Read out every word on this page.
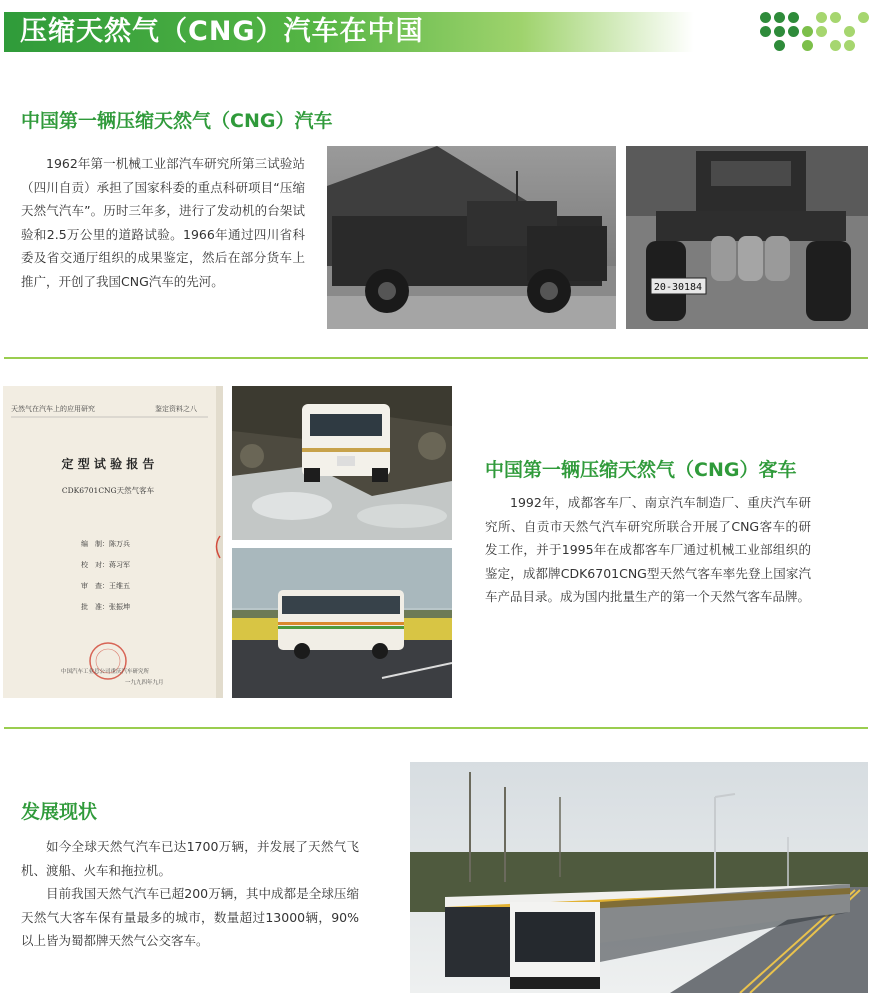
压缩天然气（CNG）汽车在中国
中国第一辆压缩天然气（CNG）汽车

1962年第一机械工业部汽车研究所第三试验站（四川自贡）承担了国家科委的重点科研项目“压缩天然气汽车”。历时三年多，进行了发动机的台架试验和2.5万公里的道路试验。1966年通过四川省科委及省交通厅组织的成果鉴定，然后在部分货车上推广，开创了我国CNG汽车的先河。	20-30184
天然气在汽车上的应用研究	鉴定资料之八
定 型 试 验 报 告
CDK6701CNG天然气客车
编　制：陈万兵
校　对：蒋习军
审　查：王维五
批　准：张振坤
中国汽车工业总公司重庆汽车研究所
一九九四年九月
中国第一辆压缩天然气（CNG）客车

1992年，成都客车厂、南京汽车制造厂、重庆汽车研究所、自贡市天然气汽车研究所联合开展了CNG客车的研发工作，并于1995年在成都客车厂通过机械工业部组织的鉴定，成都牌CDK6701CNG型天然气客车率先登上国家汽车产品目录。成为国内批量生产的第一个天然气客车品牌。

发展现状

如今全球天然气汽车已达1700万辆，并发展了天然气飞机、渡船、火车和拖拉机。

目前我国天然气汽车已超200万辆，其中成都是全球压缩天然气大客车保有量最多的城市，数量超过13000辆，90%以上皆为蜀都牌天然气公交客车。
